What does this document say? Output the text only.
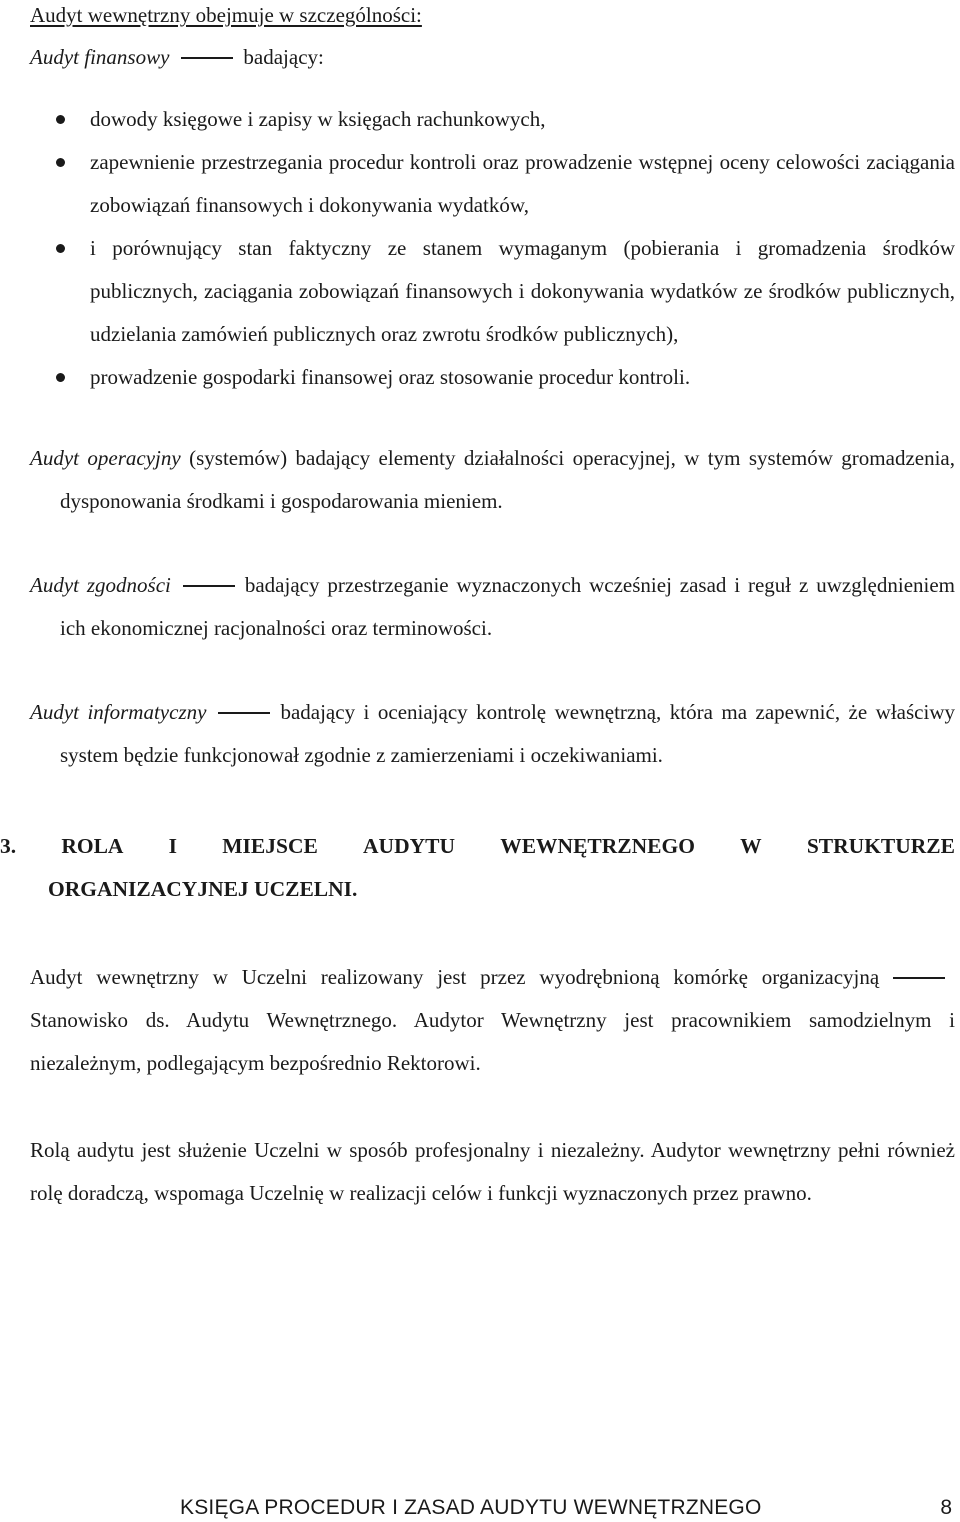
Audyt wewnętrzny obejmuje w szczególności:
Audyt finansowy	badający:
dowody księgowe i zapisy w księgach rachunkowych,
zapewnienie przestrzegania procedur kontroli oraz prowadzenie wstępnej oceny celowości zaciągania zobowiązań finansowych i dokonywania wydatków,
i porównujący stan faktyczny ze stanem wymaganym (pobierania i gromadzenia środków publicznych, zaciągania zobowiązań finansowych i dokonywania wydatków ze środków publicznych, udzielania zamówień publicznych oraz zwrotu środków publicznych),
prowadzenie gospodarki finansowej oraz stosowanie procedur kontroli.
Audyt operacyjny (systemów) badający elementy działalności operacyjnej, w tym systemów gromadzenia, dysponowania środkami i gospodarowania mieniem.
Audyt zgodności	badający przestrzeganie wyznaczonych wcześniej zasad i reguł z uwzględnieniem ich ekonomicznej racjonalności oraz terminowości.
Audyt informatyczny	badający i oceniający kontrolę wewnętrzną, która ma zapewnić, że właściwy system będzie funkcjonował zgodnie z zamierzeniami i oczekiwaniami.
3. ROLA I MIEJSCE AUDYTU WEWNĘTRZNEGO W STRUKTURZE
ORGANIZACYJNEJ UCZELNI.
Audyt wewnętrzny w Uczelni realizowany jest przez wyodrębnioną komórkę organizacyjną Stanowisko ds. Audytu Wewnętrznego. Audytor Wewnętrzny jest pracownikiem samodzielnym i niezależnym, podlegającym bezpośrednio Rektorowi.
Rolą audytu jest służenie Uczelni w sposób profesjonalny i niezależny. Audytor wewnętrzny pełni również rolę doradczą, wspomaga Uczelnię w realizacji celów i funkcji wyznaczonych przez prawno.
KSIĘGA PROCEDUR I ZASAD AUDYTU WEWNĘTRZNEGO	8
